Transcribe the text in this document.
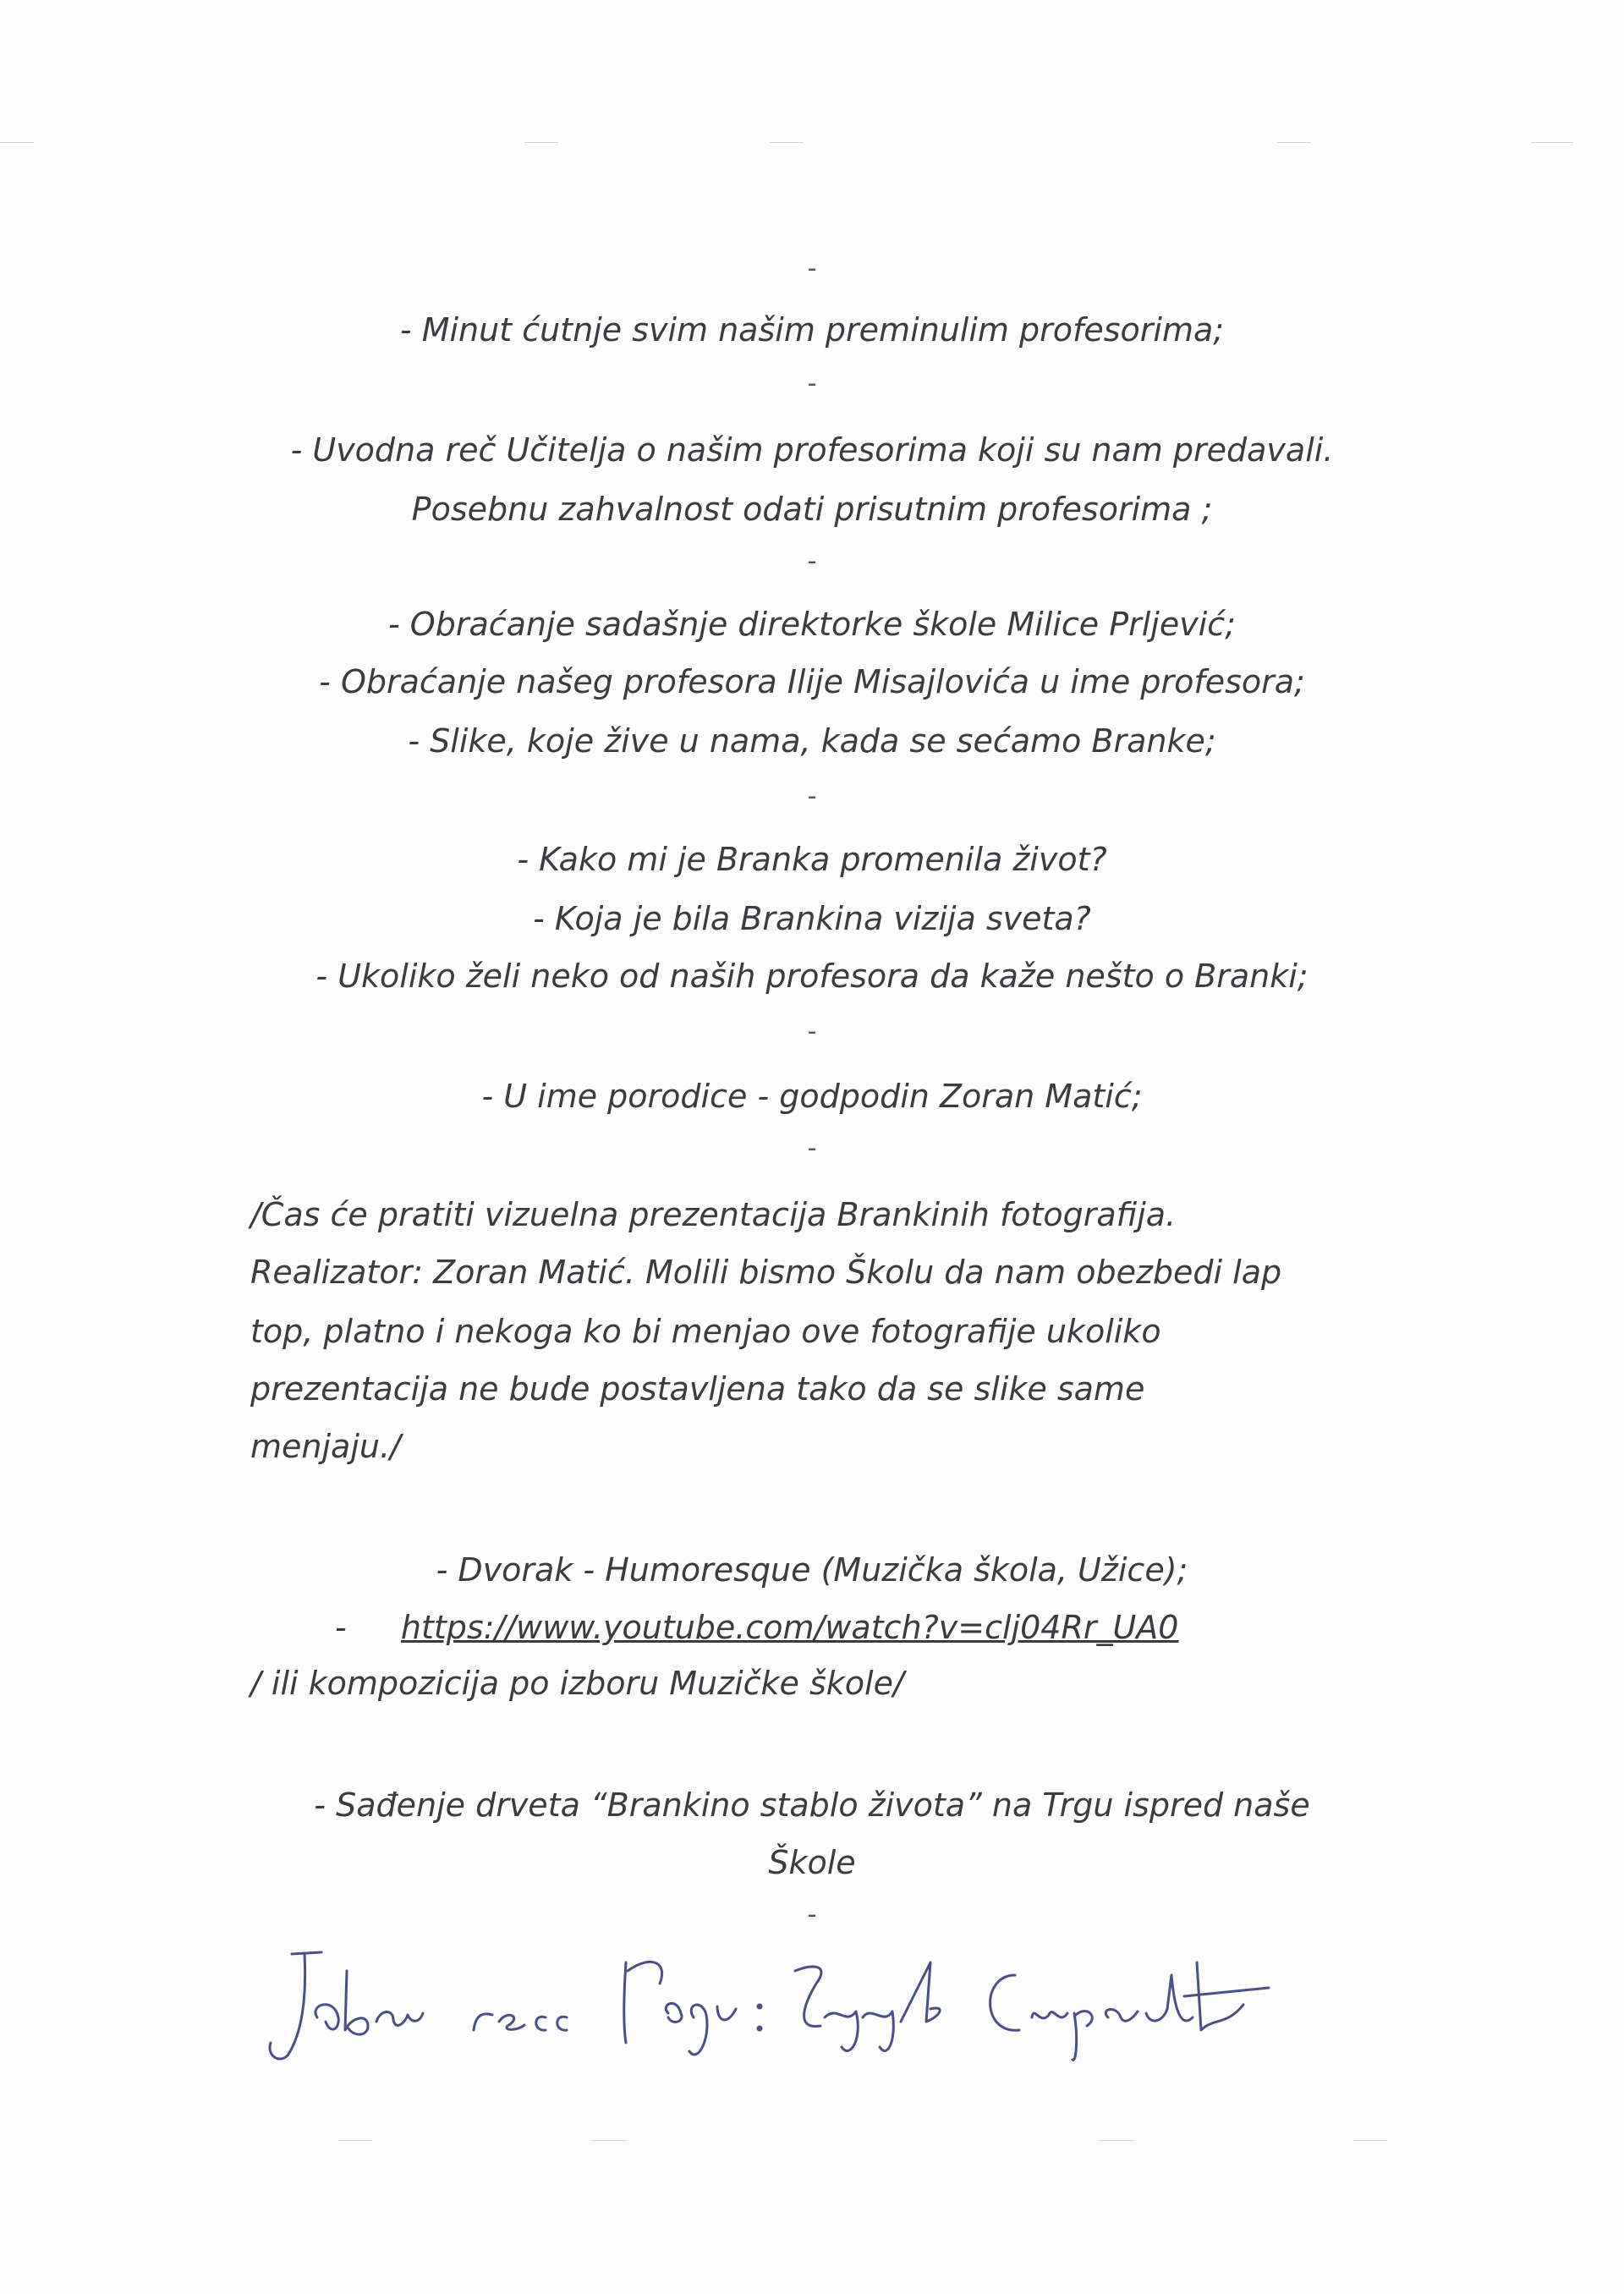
-
- Minut ćutnje svim našim preminulim profesorima;
-
- Uvodna reč Učitelja o našim profesorima koji su nam predavali.
Posebnu zahvalnost odati prisutnim profesorima ;
-
- Obraćanje sadašnje direktorke škole Milice Prljević;
- Obraćanje našeg profesora Ilije Misajlovića u ime profesora;
- Slike, koje žive u nama, kada se sećamo Branke;
-
- Kako mi je Branka promenila život?
- Koja je bila Brankina vizija sveta?
- Ukoliko želi neko od naših profesora da kaže nešto o Branki;
-
- U ime porodice - godpodin Zoran Matić;
-
/Čas će pratiti vizuelna prezentacija Brankinih fotografija.
Realizator: Zoran Matić. Molili bismo Školu da nam obezbedi lap
top, platno i nekoga ko bi menjao ove fotografije ukoliko
prezentacija ne bude postavljena tako da se slike same
menjaju./
- Dvorak - Humoresque (Muzička škola, Užice);
- https://www.youtube.com/watch?v=clj04Rr_UA0
/ ili kompozicija po izboru Muzičke škole/
- Sađenje drveta “Brankino stablo života” na Trgu ispred naše
Škole
-
